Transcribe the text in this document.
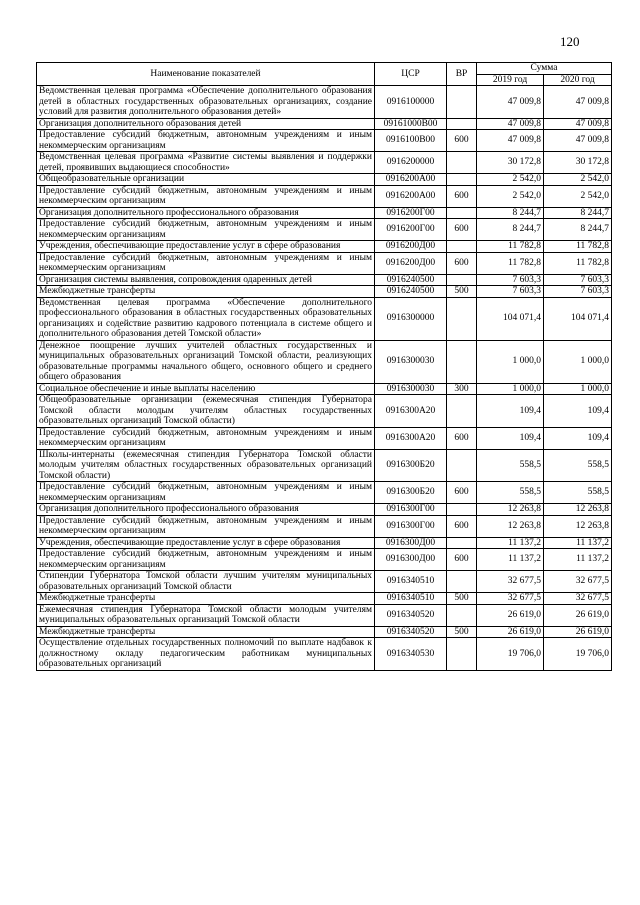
120
Наименование показателей	ЦСР	ВР	Сумма	
			2019 год	2020 год
Ведомственная целевая программа «Обеспечение дополнительного образования детей в областных государственных образовательных организациях, создание условий для развития дополнительного образования детей»	0916100000		47 009,8	47 009,8
Организация дополнительного образования детей	09161000В00		47 009,8	47 009,8
Предоставление субсидий бюджетным, автономным учреждениям и иным некоммерческим организациям	0916100В00	600	47 009,8	47 009,8
Ведомственная целевая программа «Развитие системы выявления и поддержки детей, проявивших выдающиеся способности»	0916200000		30 172,8	30 172,8
Общеобразовательные организации	0916200А00		2 542,0	2 542,0
Предоставление субсидий бюджетным, автономным учреждениям и иным некоммерческим организациям	0916200А00	600	2 542,0	2 542,0
Организация дополнительного профессионального образования	0916200Г00		8 244,7	8 244,7
Предоставление субсидий бюджетным, автономным учреждениям и иным некоммерческим организациям	0916200Г00	600	8 244,7	8 244,7
Учреждения, обеспечивающие предоставление услуг в сфере образования	0916200Д00		11 782,8	11 782,8
Предоставление субсидий бюджетным, автономным учреждениям и иным некоммерческим организациям	0916200Д00	600	11 782,8	11 782,8
Организация системы выявления, сопровождения одаренных детей	0916240500		7 603,3	7 603,3
Межбюджетные трансферты	0916240500	500	7 603,3	7 603,3
Ведомственная целевая программа «Обеспечение дополнительного профессионального образования в областных государственных образовательных организациях и содействие развитию кадрового потенциала в системе общего и дополнительного образования детей Томской области»	0916300000		104 071,4	104 071,4
Денежное поощрение лучших учителей областных государственных и муниципальных образовательных организаций Томской области, реализующих образовательные программы начального общего, основного общего и среднего общего образования	0916300030		1 000,0	1 000,0
Социальное обеспечение и иные выплаты населению	0916300030	300	1 000,0	1 000,0
Общеобразовательные организации (ежемесячная стипендия Губернатора Томской области молодым учителям областных государственных образовательных организаций Томской области)	0916300А20		109,4	109,4
Предоставление субсидий бюджетным, автономным учреждениям и иным некоммерческим организациям	0916300А20	600	109,4	109,4
Школы-интернаты (ежемесячная стипендия Губернатора Томской области молодым учителям областных государственных образовательных организаций Томской области)	0916300Б20		558,5	558,5
Предоставление субсидий бюджетным, автономным учреждениям и иным некоммерческим организациям	0916300Б20	600	558,5	558,5
Организация дополнительного профессионального образования	0916300Г00		12 263,8	12 263,8
Предоставление субсидий бюджетным, автономным учреждениям и иным некоммерческим организациям	0916300Г00	600	12 263,8	12 263,8
Учреждения, обеспечивающие предоставление услуг в сфере образования	0916300Д00		11 137,2	11 137,2
Предоставление субсидий бюджетным, автономным учреждениям и иным некоммерческим организациям	0916300Д00	600	11 137,2	11 137,2
Стипендии Губернатора Томской области лучшим учителям муниципальных образовательных организаций Томской области	0916340510		32 677,5	32 677,5
Межбюджетные трансферты	0916340510	500	32 677,5	32 677,5
Ежемесячная стипендия Губернатора Томской области молодым учителям муниципальных образовательных организаций Томской области	0916340520		26 619,0	26 619,0
Межбюджетные трансферты	0916340520	500	26 619,0	26 619,0
Осуществление отдельных государственных полномочий по выплате надбавок к должностному окладу педагогическим работникам муниципальных образовательных организаций	0916340530		19 706,0	19 706,0
